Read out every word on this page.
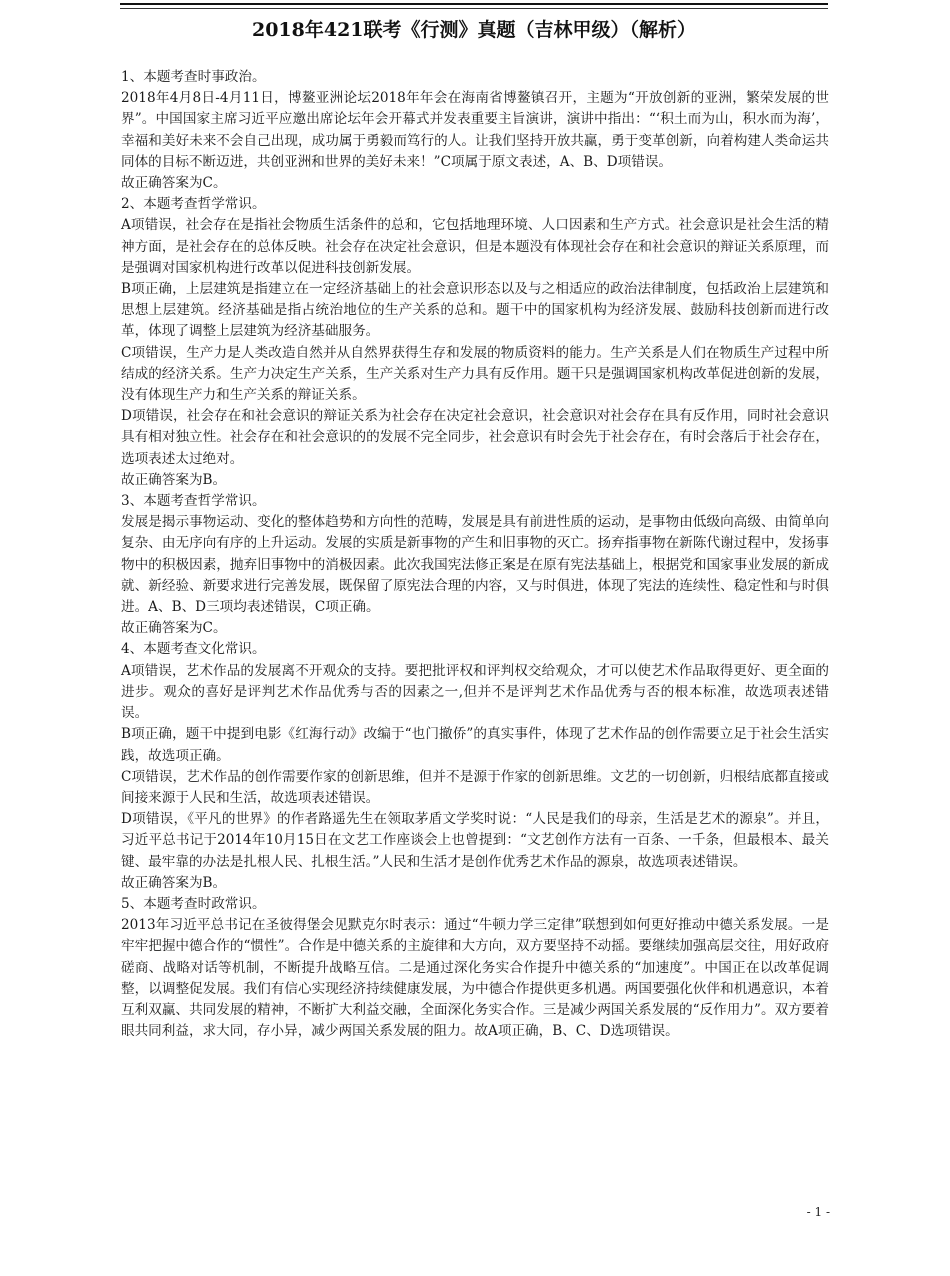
2018年421联考《行测》真题（吉林甲级）（解析）

1、本题考查时事政治。

2018年4月8日-4月11日，博鳌亚洲论坛2018年年会在海南省博鳌镇召开，主题为“开放创新的亚洲，繁荣发展的世界”。中国国家主席习近平应邀出席论坛年会开幕式并发表重要主旨演讲，演讲中指出：“‘积土而为山，积水而为海’，幸福和美好未来不会自己出现，成功属于勇毅而笃行的人。让我们坚持开放共赢，勇于变革创新，向着构建人类命运共同体的目标不断迈进，共创亚洲和世界的美好未来！”C项属于原文表述，A、B、D项错误。

故正确答案为C。

2、本题考查哲学常识。

A项错误，社会存在是指社会物质生活条件的总和，它包括地理环境、人口因素和生产方式。社会意识是社会生活的精神方面，是社会存在的总体反映。社会存在决定社会意识，但是本题没有体现社会存在和社会意识的辩证关系原理，而是强调对国家机构进行改革以促进科技创新发展。

B项正确，上层建筑是指建立在一定经济基础上的社会意识形态以及与之相适应的政治法律制度，包括政治上层建筑和思想上层建筑。经济基础是指占统治地位的生产关系的总和。题干中的国家机构为经济发展、鼓励科技创新而进行改革，体现了调整上层建筑为经济基础服务。

C项错误，生产力是人类改造自然并从自然界获得生存和发展的物质资料的能力。生产关系是人们在物质生产过程中所结成的经济关系。生产力决定生产关系，生产关系对生产力具有反作用。题干只是强调国家机构改革促进创新的发展，没有体现生产力和生产关系的辩证关系。

D项错误，社会存在和社会意识的辩证关系为社会存在决定社会意识，社会意识对社会存在具有反作用，同时社会意识具有相对独立性。社会存在和社会意识的的发展不完全同步，社会意识有时会先于社会存在，有时会落后于社会存在，选项表述太过绝对。

故正确答案为B。

3、本题考查哲学常识。

发展是揭示事物运动、变化的整体趋势和方向性的范畴，发展是具有前进性质的运动，是事物由低级向高级、由简单向复杂、由无序向有序的上升运动。发展的实质是新事物的产生和旧事物的灭亡。扬弃指事物在新陈代谢过程中，发扬事物中的积极因素，抛弃旧事物中的消极因素。此次我国宪法修正案是在原有宪法基础上，根据党和国家事业发展的新成就、新经验、新要求进行完善发展，既保留了原宪法合理的内容，又与时俱进，体现了宪法的连续性、稳定性和与时俱进。A、B、D三项均表述错误，C项正确。

故正确答案为C。

4、本题考查文化常识。

A项错误，艺术作品的发展离不开观众的支持。要把批评权和评判权交给观众，才可以使艺术作品取得更好、更全面的进步。观众的喜好是评判艺术作品优秀与否的因素之一,但并不是评判艺术作品优秀与否的根本标准，故选项表述错误。

B项正确，题干中提到电影《红海行动》改编于“也门撤侨”的真实事件，体现了艺术作品的创作需要立足于社会生活实践，故选项正确。

C项错误，艺术作品的创作需要作家的创新思维，但并不是源于作家的创新思维。文艺的一切创新，归根结底都直接或间接来源于人民和生活，故选项表述错误。

D项错误，《平凡的世界》的作者路遥先生在领取茅盾文学奖时说：“人民是我们的母亲，生活是艺术的源泉”。并且，习近平总书记于2014年10月15日在文艺工作座谈会上也曾提到：“文艺创作方法有一百条、一千条，但最根本、最关键、最牢靠的办法是扎根人民、扎根生活。”人民和生活才是创作优秀艺术作品的源泉，故选项表述错误。

故正确答案为B。

5、本题考查时政常识。

2013年习近平总书记在圣彼得堡会见默克尔时表示：通过“牛顿力学三定律”联想到如何更好推动中德关系发展。一是牢牢把握中德合作的“惯性”。合作是中德关系的主旋律和大方向，双方要坚持不动摇。要继续加强高层交往，用好政府磋商、战略对话等机制，不断提升战略互信。二是通过深化务实合作提升中德关系的“加速度”。中国正在以改革促调整，以调整促发展。我们有信心实现经济持续健康发展，为中德合作提供更多机遇。两国要强化伙伴和机遇意识，本着互利双赢、共同发展的精神，不断扩大利益交融，全面深化务实合作。三是减少两国关系发展的“反作用力”。双方要着眼共同利益，求大同，存小异，减少两国关系发展的阻力。故A项正确，B、C、D选项错误。

- 1 -
